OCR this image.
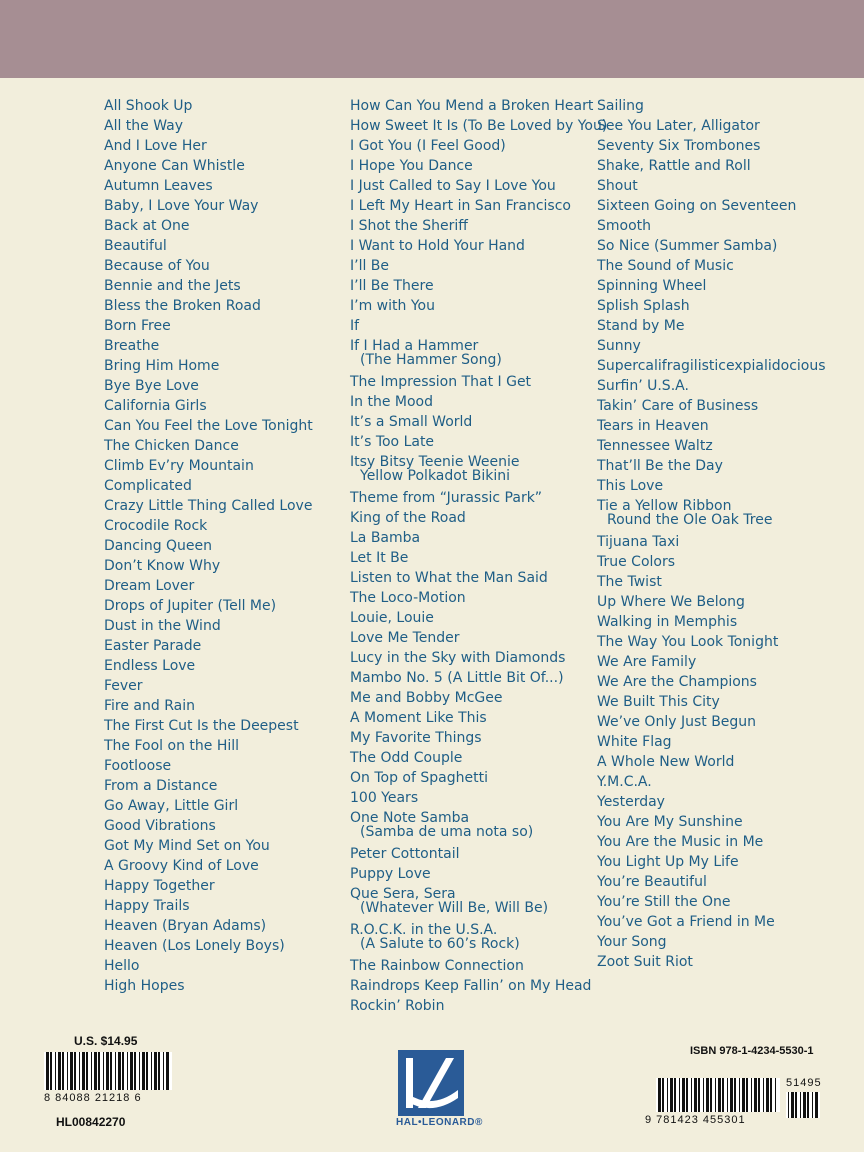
All Shook Up
All the Way
And I Love Her
Anyone Can Whistle
Autumn Leaves
Baby, I Love Your Way
Back at One
Beautiful
Because of You
Bennie and the Jets
Bless the Broken Road
Born Free
Breathe
Bring Him Home
Bye Bye Love
California Girls
Can You Feel the Love Tonight
The Chicken Dance
Climb Ev’ry Mountain
Complicated
Crazy Little Thing Called Love
Crocodile Rock
Dancing Queen
Don’t Know Why
Dream Lover
Drops of Jupiter (Tell Me)
Dust in the Wind
Easter Parade
Endless Love
Fever
Fire and Rain
The First Cut Is the Deepest
The Fool on the Hill
Footloose
From a Distance
Go Away, Little Girl
Good Vibrations
Got My Mind Set on You
A Groovy Kind of Love
Happy Together
Happy Trails
Heaven (Bryan Adams)
Heaven (Los Lonely Boys)
Hello
High Hopes
How Can You Mend a Broken Heart
How Sweet It Is (To Be Loved by You)
I Got You (I Feel Good)
I Hope You Dance
I Just Called to Say I Love You
I Left My Heart in San Francisco
I Shot the Sheriff
I Want to Hold Your Hand
I’ll Be
I’ll Be There
I’m with You
If
If I Had a Hammer
(The Hammer Song)
The Impression That I Get
In the Mood
It’s a Small World
It’s Too Late
Itsy Bitsy Teenie Weenie
Yellow Polkadot Bikini
Theme from “Jurassic Park”
King of the Road
La Bamba
Let It Be
Listen to What the Man Said
The Loco-Motion
Louie, Louie
Love Me Tender
Lucy in the Sky with Diamonds
Mambo No. 5 (A Little Bit Of...)
Me and Bobby McGee
A Moment Like This
My Favorite Things
The Odd Couple
On Top of Spaghetti
100 Years
One Note Samba
(Samba de uma nota so)
Peter Cottontail
Puppy Love
Que Sera, Sera
(Whatever Will Be, Will Be)
R.O.C.K. in the U.S.A.
(A Salute to 60’s Rock)
The Rainbow Connection
Raindrops Keep Fallin’ on My Head
Rockin’ Robin
Sailing
See You Later, Alligator
Seventy Six Trombones
Shake, Rattle and Roll
Shout
Sixteen Going on Seventeen
Smooth
So Nice (Summer Samba)
The Sound of Music
Spinning Wheel
Splish Splash
Stand by Me
Sunny
Supercalifragilisticexpialidocious
Surfin’ U.S.A.
Takin’ Care of Business
Tears in Heaven
Tennessee Waltz
That’ll Be the Day
This Love
Tie a Yellow Ribbon
Round the Ole Oak Tree
Tijuana Taxi
True Colors
The Twist
Up Where We Belong
Walking in Memphis
The Way You Look Tonight
We Are Family
We Are the Champions
We Built This City
We’ve Only Just Begun
White Flag
A Whole New World
Y.M.C.A.
Yesterday
You Are My Sunshine
You Are the Music in Me
You Light Up My Life
You’re Beautiful
You’re Still the One
You’ve Got a Friend in Me
Your Song
Zoot Suit Riot
U.S. $14.95
8 84088 21218 6
HL00842270	HAL•LEONARD®
ISBN 978-1-4234-5530-1
9 781423 455301
51495
